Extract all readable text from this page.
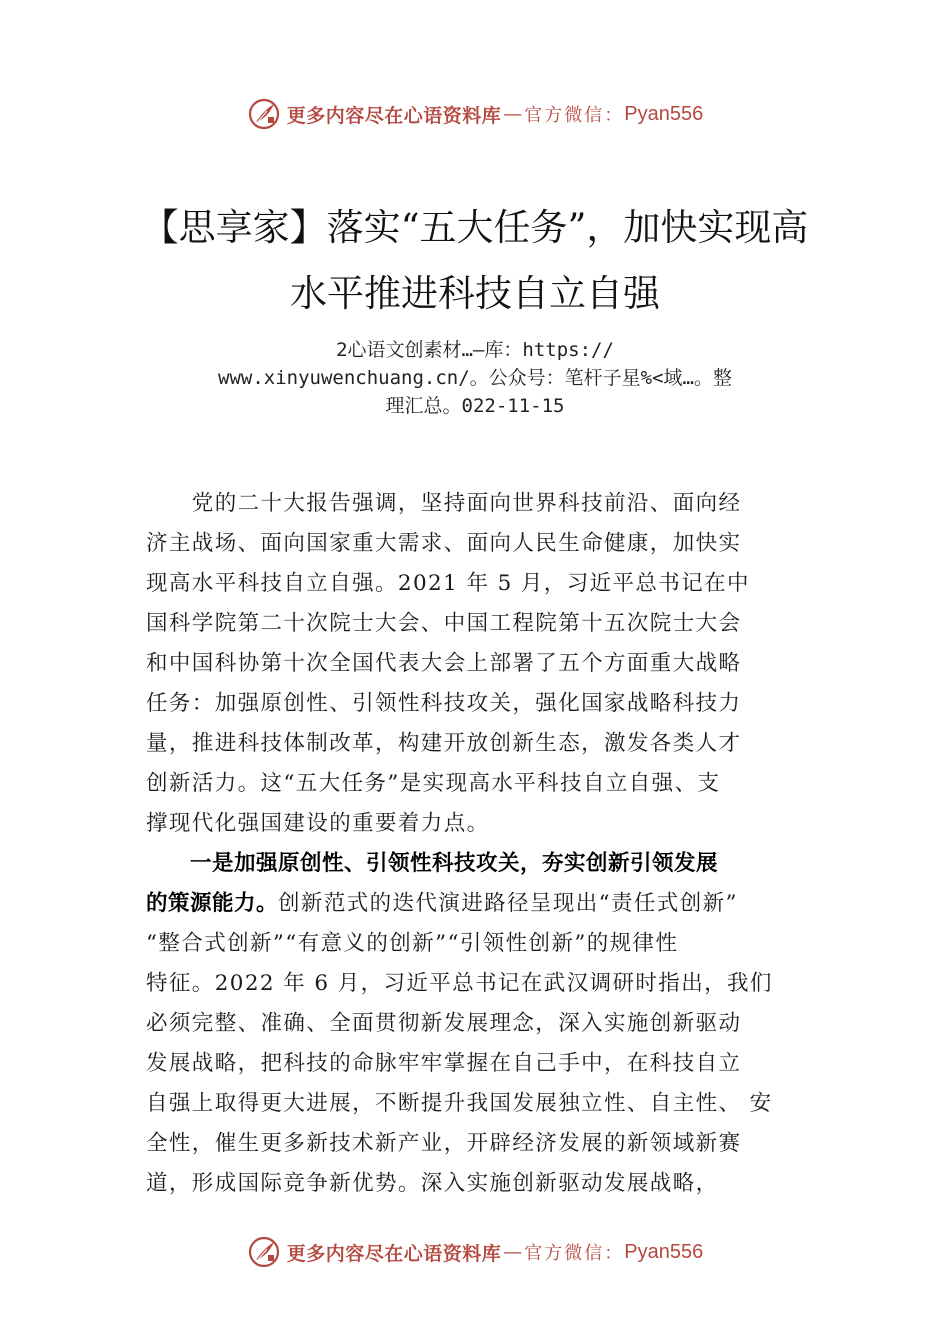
更多内容尽在心语资料库 — 官方微信： Pyan556
【思享家】落实“五大任务”，加快实现高
水平推进科技自立自强
2心语文创素材…—库：https://
www.xinyuwenchuang.cn/。公众号：笔杆子星%<域…。整
理汇总。022-11-15
　　党的二十大报告强调，坚持面向世界科技前沿、面向经
济主战场、面向国家重大需求、面向人民生命健康，加快实
现高水平科技自立自强。2021 年 5 月，习近平总书记在中
国科学院第二十次院士大会、中国工程院第十五次院士大会
和中国科协第十次全国代表大会上部署了五个方面重大战略
任务：加强原创性、引领性科技攻关，强化国家战略科技力
量，推进科技体制改革，构建开放创新生态，激发各类人才
创新活力。这“五大任务”是实现高水平科技自立自强、支
撑现代化强国建设的重要着力点。
　　一是加强原创性、引领性科技攻关，夯实创新引领发展
的策源能力。创新范式的迭代演进路径呈现出“责任式创新”
“整合式创新”“有意义的创新”“引领性创新”的规律性
特征。2022 年 6 月，习近平总书记在武汉调研时指出，我们
必须完整、准确、全面贯彻新发展理念，深入实施创新驱动
发展战略，把科技的命脉牢牢掌握在自己手中，在科技自立
自强上取得更大进展，不断提升我国发展独立性、自主性、 安
全性，催生更多新技术新产业，开辟经济发展的新领域新赛
道，形成国际竞争新优势。深入实施创新驱动发展战略，
更多内容尽在心语资料库 — 官方微信： Pyan556
